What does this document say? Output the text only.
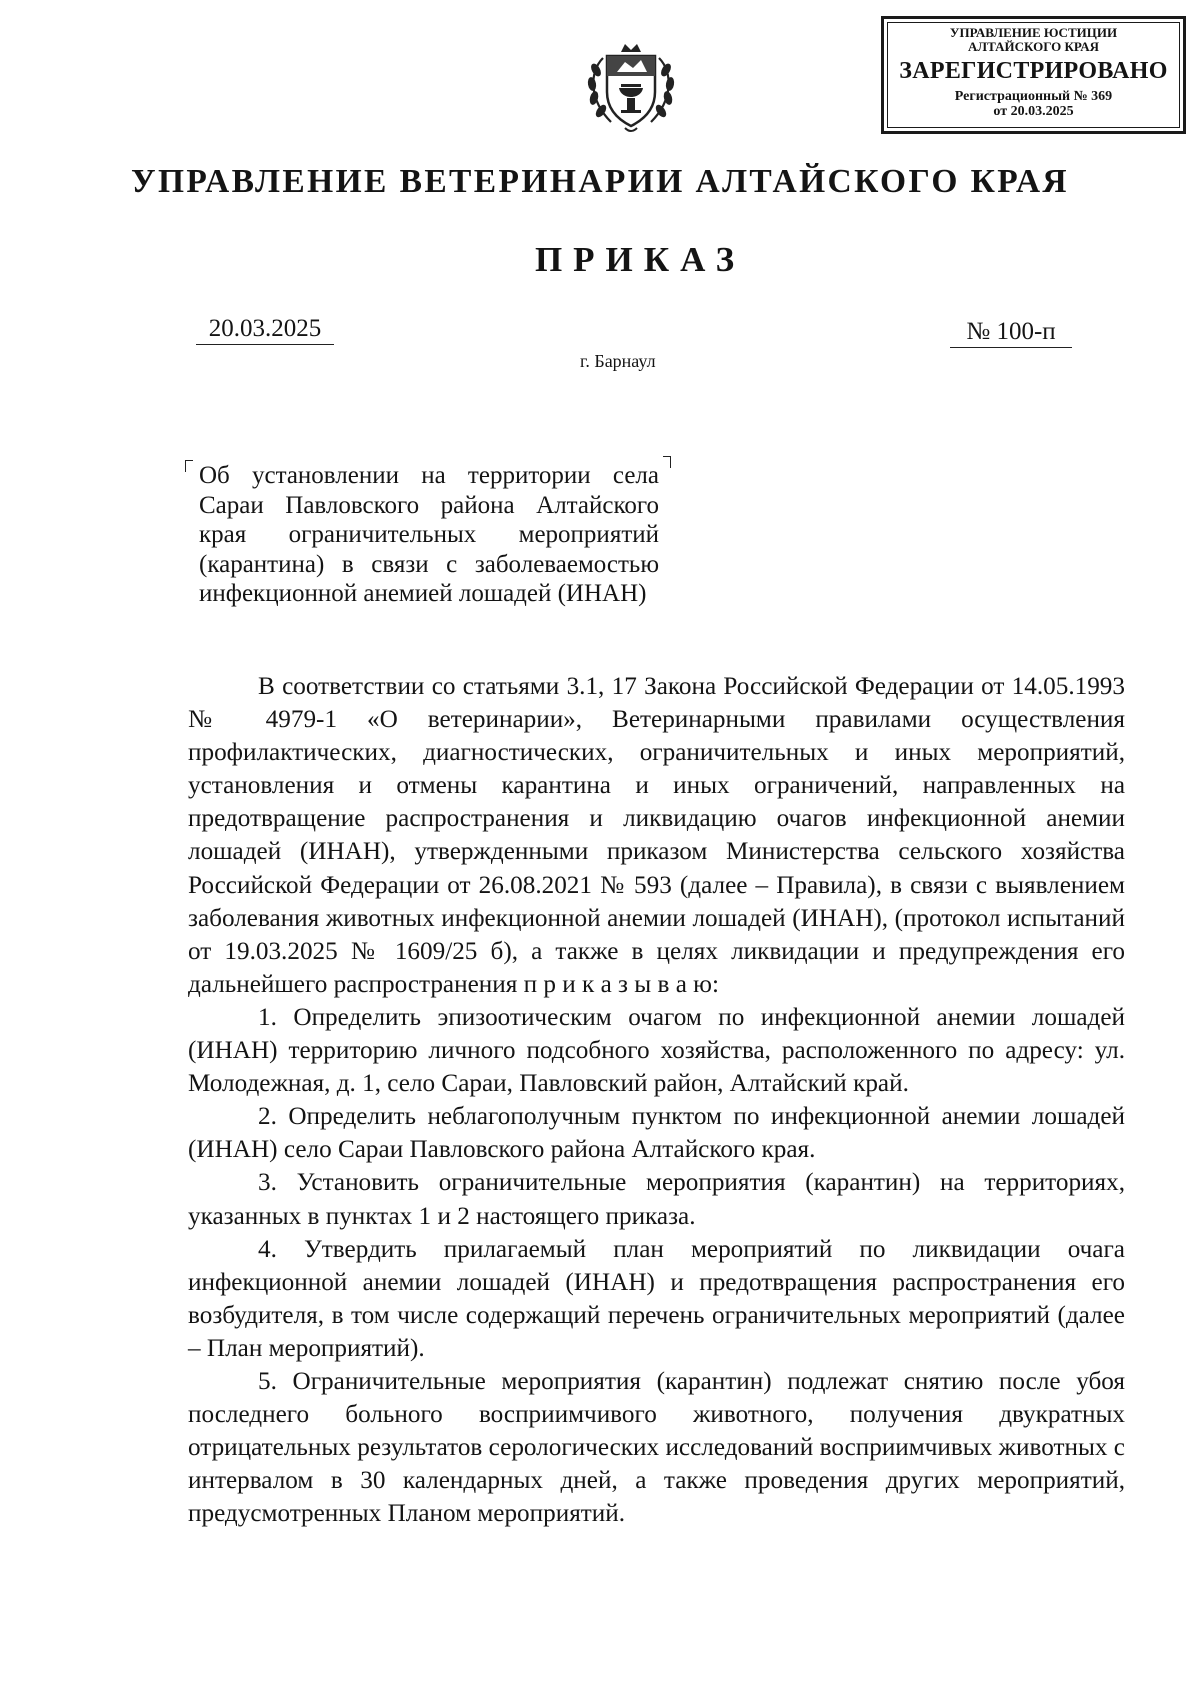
УПРАВЛЕНИЕ ЮСТИЦИИ
АЛТАЙСКОГО КРАЯ
ЗАРЕГИСТРИРОВАНО
Регистрационный № 369
от 20.03.2025
УПРАВЛЕНИЕ ВЕТЕРИНАРИИ АЛТАЙСКОГО КРАЯ
ПРИКАЗ
20.03.2025	№ 100-п
г. Барнаул
Об установлении на территории села Сараи Павловского района Алтайского края ограничительных мероприятий (карантина) в связи с заболеваемостью инфекционной анемией лошадей (ИНАН)

В соответствии со статьями 3.1, 17 Закона Российской Федерации от 14.05.1993 № 4979-1 «О ветеринарии», Ветеринарными правилами осуществления профилактических, диагностических, ограничительных и иных мероприятий, установления и отмены карантина и иных ограничений, направленных на предотвращение распространения и ликвидацию очагов инфекционной анемии лошадей (ИНАН), утвержденными приказом Министерства сельского хозяйства Российской Федерации от 26.08.2021 № 593 (далее – Правила), в связи с выявлением заболевания животных инфекционной анемии лошадей (ИНАН), (протокол испытаний от 19.03.2025 № 1609/25 б), а также в целях ликвидации и предупреждения его дальнейшего распространения п р и к а з ы в а ю:

1. Определить эпизоотическим очагом по инфекционной анемии лошадей (ИНАН) территорию личного подсобного хозяйства, расположенного по адресу: ул. Молодежная, д. 1, село Сараи, Павловский район, Алтайский край.

2. Определить неблагополучным пунктом по инфекционной анемии лошадей (ИНАН) село Сараи Павловского района Алтайского края.

3. Установить ограничительные мероприятия (карантин) на территориях, указанных в пунктах 1 и 2 настоящего приказа.

4. Утвердить прилагаемый план мероприятий по ликвидации очага инфекционной анемии лошадей (ИНАН) и предотвращения распространения его возбудителя, в том числе содержащий перечень ограничительных мероприятий (далее – План мероприятий).

5. Ограничительные мероприятия (карантин) подлежат снятию после убоя последнего больного восприимчивого животного, получения двукратных отрицательных результатов серологических исследований восприимчивых животных с интервалом в 30 календарных дней, а также проведения других мероприятий, предусмотренных Планом мероприятий.
